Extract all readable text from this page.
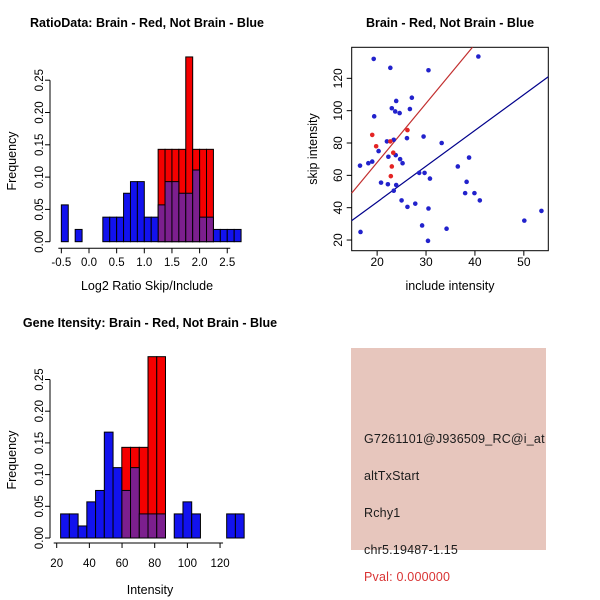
RatioData: Brain - Red, Not Brain - Blue
0.00
0.05
0.10
0.15
0.20
0.25
-0.5 0.0 0.5 1.0 1.5 2.0 2.5
Log2 Ratio Skip/Include
Frequency
Brain - Red, Not Brain - Blue
20	30	40	50
20
40
60
80
100
120
include intensity
skip intensity
Gene Itensity: Brain - Red, Not Brain - Blue
0.00
0.05
0.10
0.15
0.20
0.25
20 40 60 80 100 120
Intensity
Frequency	G7261101@J936509_RC@i_at
altTxStart
Rchy1
chr5.19487-1.15
Pval: 0.000000
